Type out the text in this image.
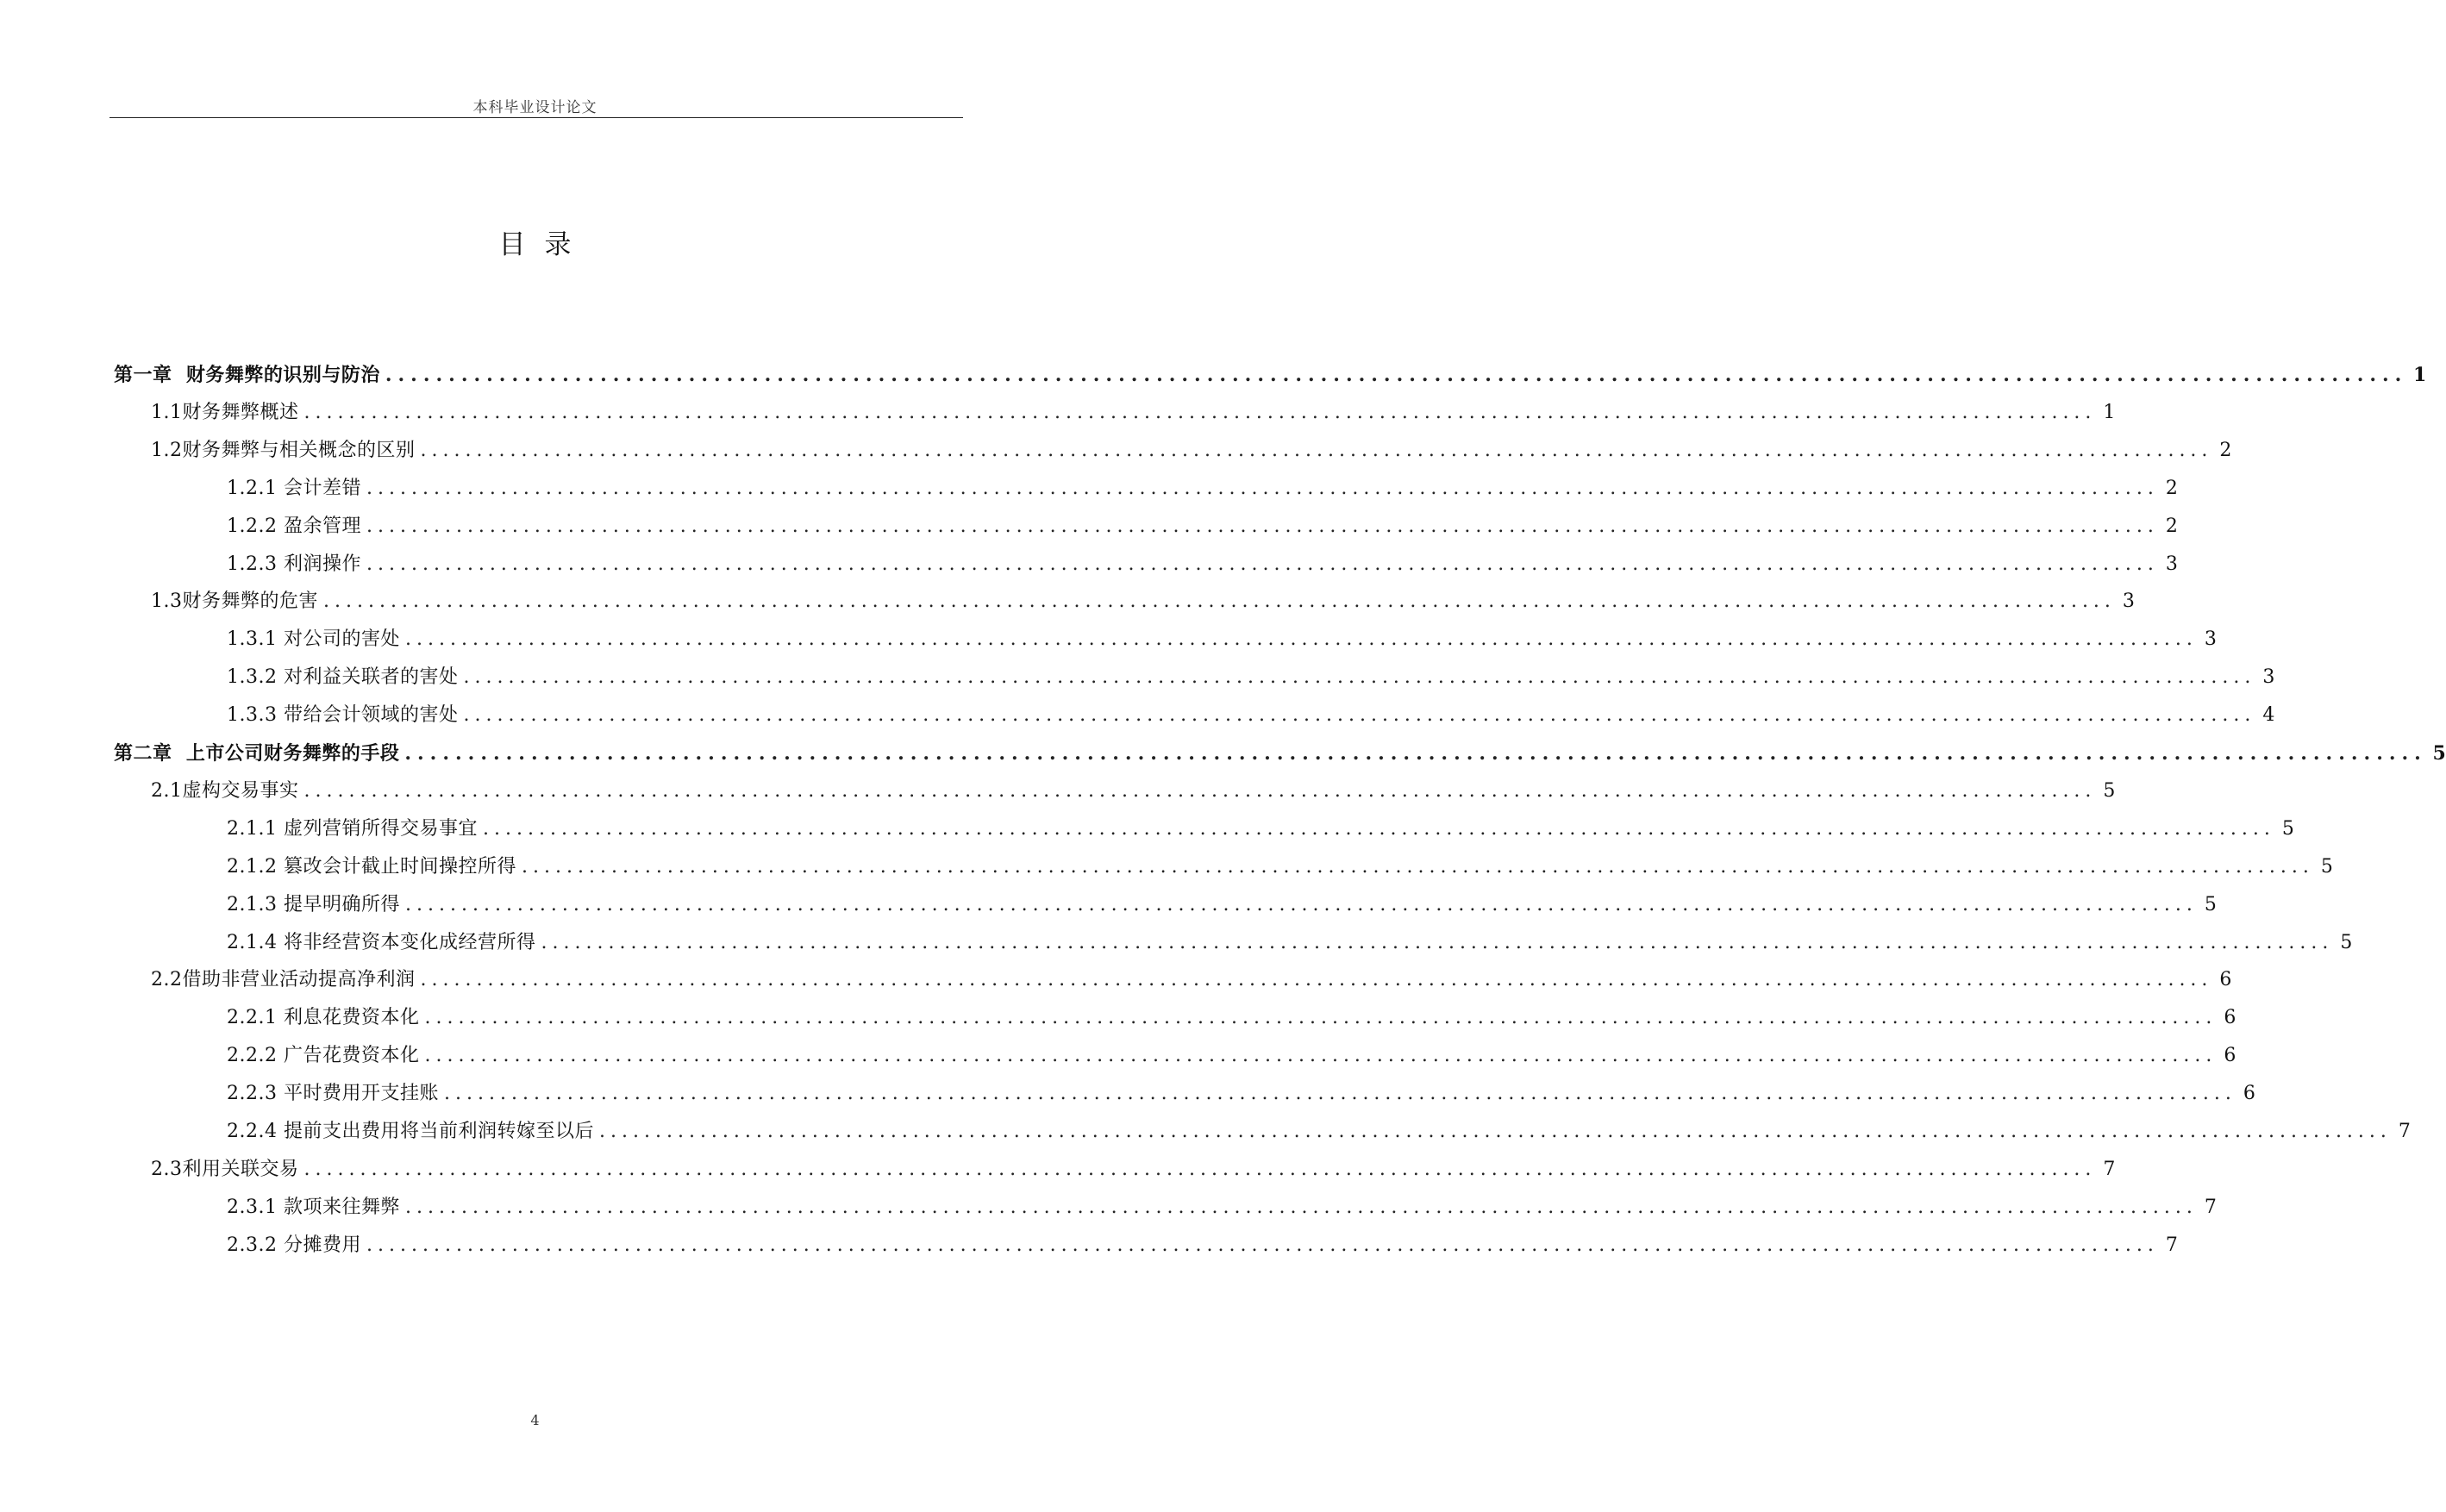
本科毕业设计论文
目录
第一章 财务舞弊的识别与防治 ................................................................................................................................................................ 1
1.1财务舞弊概述 ................................................................................................................................................................ 1
1.2财务舞弊与相关概念的区别 ................................................................................................................................................................ 2
1.2.1 会计差错 ................................................................................................................................................................ 2
1.2.2 盈余管理 ................................................................................................................................................................ 2
1.2.3 利润操作 ................................................................................................................................................................ 3
1.3财务舞弊的危害 ................................................................................................................................................................ 3
1.3.1 对公司的害处 ................................................................................................................................................................ 3
1.3.2 对利益关联者的害处 ................................................................................................................................................................ 3
1.3.3 带给会计领域的害处 ................................................................................................................................................................ 4
第二章 上市公司财务舞弊的手段 ................................................................................................................................................................ 5
2.1虚构交易事实 ................................................................................................................................................................ 5
2.1.1 虚列营销所得交易事宜 ................................................................................................................................................................ 5
2.1.2 篡改会计截止时间操控所得 ................................................................................................................................................................ 5
2.1.3 提早明确所得 ................................................................................................................................................................ 5
2.1.4 将非经营资本变化成经营所得 ................................................................................................................................................................ 5
2.2借助非营业活动提高净利润 ................................................................................................................................................................ 6
2.2.1 利息花费资本化 ................................................................................................................................................................ 6
2.2.2 广告花费资本化 ................................................................................................................................................................ 6
2.2.3 平时费用开支挂账 ................................................................................................................................................................ 6
2.2.4 提前支出费用将当前利润转嫁至以后 ................................................................................................................................................................ 7
2.3利用关联交易 ................................................................................................................................................................ 7
2.3.1 款项来往舞弊 ................................................................................................................................................................ 7
2.3.2 分摊费用 ................................................................................................................................................................ 7
4
